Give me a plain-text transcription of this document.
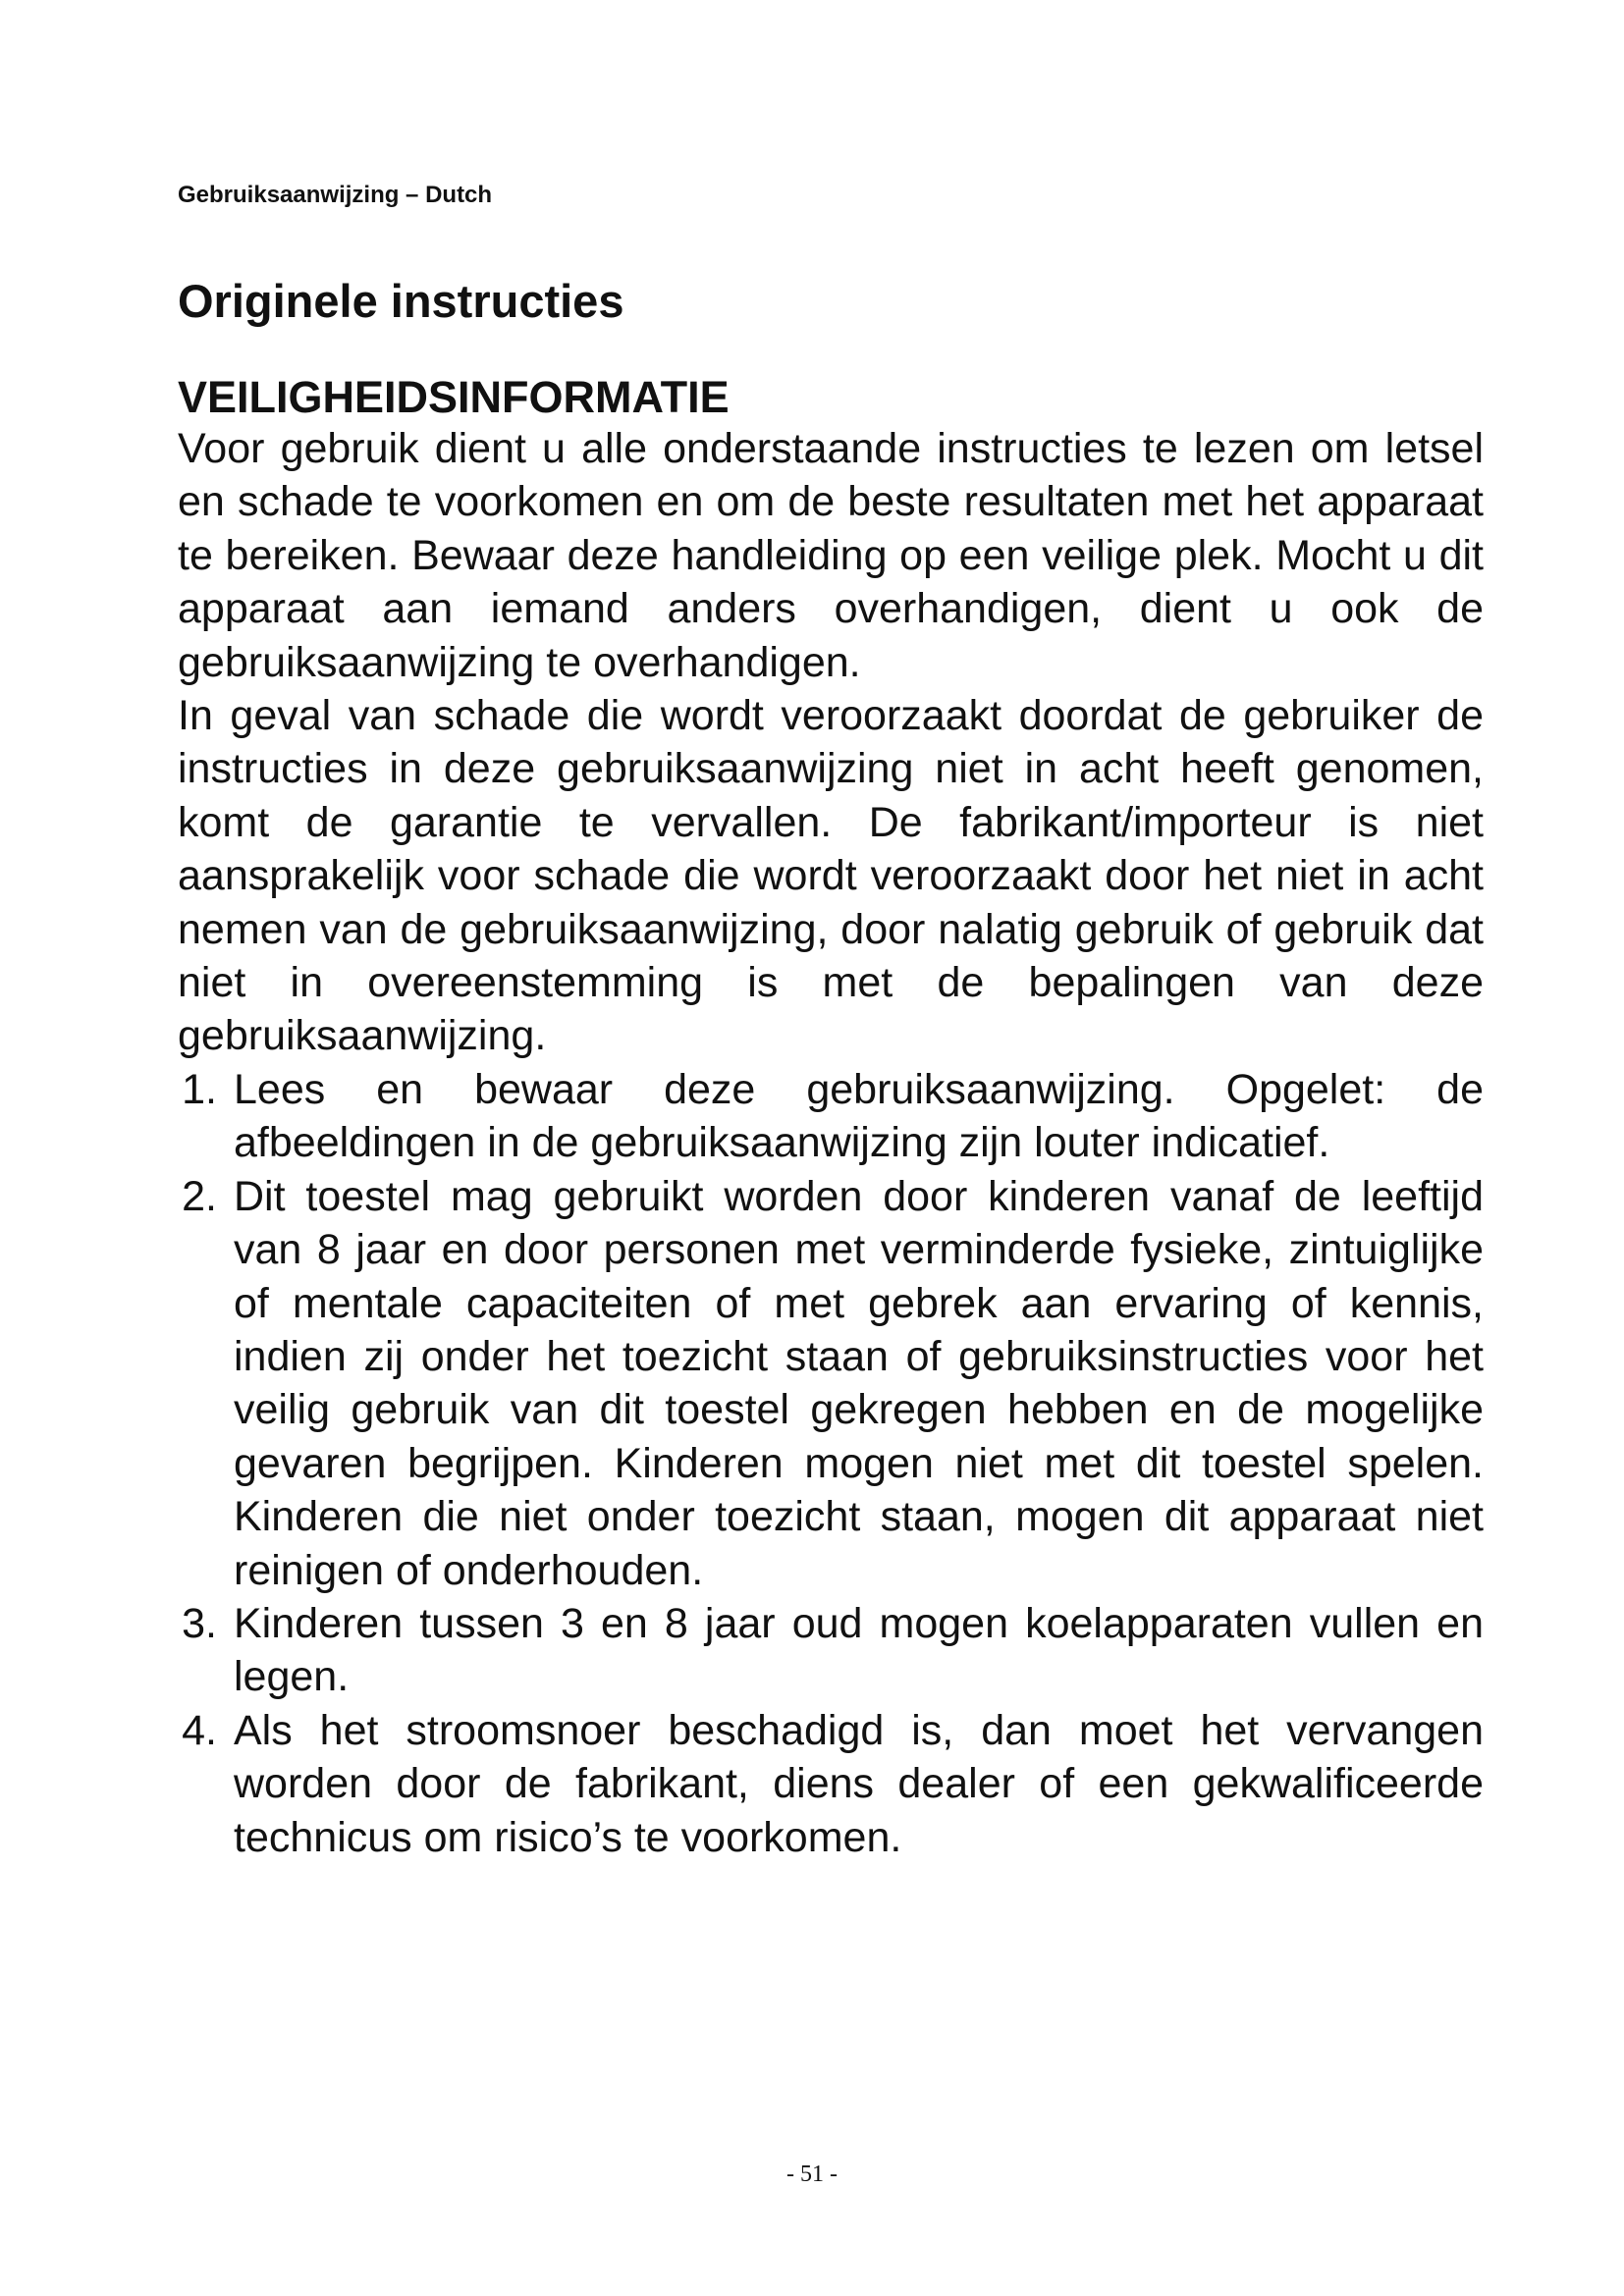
Gebruiksaanwijzing – Dutch
Originele instructies
VEILIGHEIDSINFORMATIE

Voor gebruik dient u alle onderstaande instructies te lezen om letsel en schade te voorkomen en om de beste resultaten met het apparaat te bereiken. Bewaar deze handleiding op een veilige plek. Mocht u dit apparaat aan iemand anders overhandigen, dient u ook de gebruiksaanwijzing te overhandigen.

In geval van schade die wordt veroorzaakt doordat de gebruiker de instructies in deze gebruiksaanwijzing niet in acht heeft genomen, komt de garantie te vervallen. De fabrikant/importeur is niet aansprakelijk voor schade die wordt veroorzaakt door het niet in acht nemen van de gebruiksaanwijzing, door nalatig gebruik of gebruik dat niet in overeenstemming is met de bepalingen van deze gebruiksaanwijzing.

1. Lees en bewaar deze gebruiksaanwijzing. Opgelet: de afbeeldingen in de gebruiksaanwijzing zijn louter indicatief.
2. Dit toestel mag gebruikt worden door kinderen vanaf de leeftijd van 8 jaar en door personen met verminderde fysieke, zintuiglijke of mentale capaciteiten of met gebrek aan ervaring of kennis, indien zij onder het toezicht staan of gebruiksinstructies voor het veilig gebruik van dit toestel gekregen hebben en de mogelijke gevaren begrijpen. Kinderen mogen niet met dit toestel spelen. Kinderen die niet onder toezicht staan, mogen dit apparaat niet reinigen of onderhouden.
3. Kinderen tussen 3 en 8 jaar oud mogen koelapparaten vullen en legen.
4. Als het stroomsnoer beschadigd is, dan moet het vervangen worden door de fabrikant, diens dealer of een gekwalificeerde technicus om risico’s te voorkomen.
- 51 -
